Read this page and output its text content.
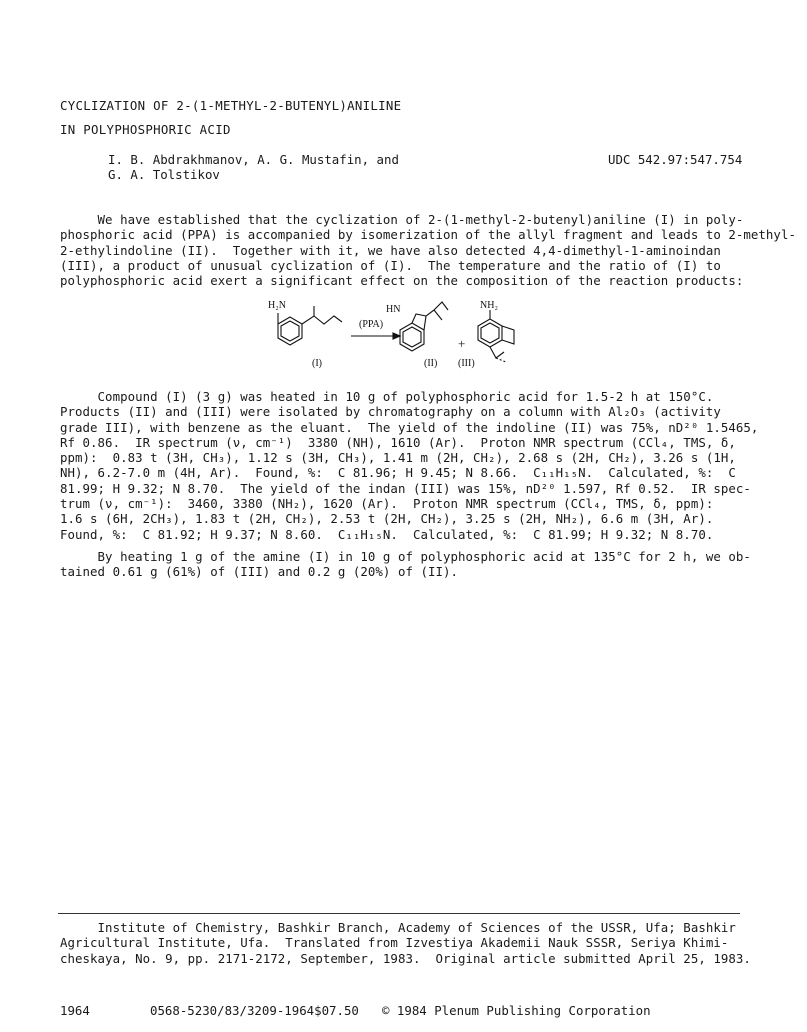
CYCLIZATION OF 2-(1-METHYL-2-BUTENYL)ANILINE
IN POLYPHOSPHORIC ACID
I. B. Abdrakhmanov, A. G. Mustafin, and
G. A. Tolstikov
UDC 542.97:547.754
We have established that the cyclization of 2-(1-methyl-2-butenyl)aniline (I) in poly-
phosphoric acid (PPA) is accompanied by isomerization of the allyl fragment and leads to 2-methyl-
2-ethylindoline (II).  Together with it, we have also detected 4,4-dimethyl-1-aminoindan
(III), a product of unusual cyclization of (I).  The temperature and the ratio of (I) to
polyphosphoric acid exert a significant effect on the composition of the reaction products:
H₂N
(PPA)
(I)
HN
(II)
+
NH₂
(III)
Compound (I) (3 g) was heated in 10 g of polyphosphoric acid for 1.5-2 h at 150°C.
Products (II) and (III) were isolated by chromatography on a column with Al₂O₃ (activity
grade III), with benzene as the eluant.  The yield of the indoline (II) was 75%, nD²⁰ 1.5465,
Rf 0.86.  IR spectrum (ν, cm⁻¹)  3380 (NH), 1610 (Ar).  Proton NMR spectrum (CCl₄, TMS, δ,
ppm):  0.83 t (3H, CH₃), 1.12 s (3H, CH₃), 1.41 m (2H, CH₂), 2.68 s (2H, CH₂), 3.26 s (1H,
NH), 6.2-7.0 m (4H, Ar).  Found, %:  C 81.96; H 9.45; N 8.66.  C₁₁H₁₅N.  Calculated, %:  C
81.99; H 9.32; N 8.70.  The yield of the indan (III) was 15%, nD²⁰ 1.597, Rf 0.52.  IR spec-
trum (ν, cm⁻¹):  3460, 3380 (NH₂), 1620 (Ar).  Proton NMR spectrum (CCl₄, TMS, δ, ppm):
1.6 s (6H, 2CH₃), 1.83 t (2H, CH₂), 2.53 t (2H, CH₂), 3.25 s (2H, NH₂), 6.6 m (3H, Ar).
Found, %:  C 81.92; H 9.37; N 8.60.  C₁₁H₁₅N.  Calculated, %:  C 81.99; H 9.32; N 8.70.
By heating 1 g of the amine (I) in 10 g of polyphosphoric acid at 135°C for 2 h, we ob-
tained 0.61 g (61%) of (III) and 0.2 g (20%) of (II).
Institute of Chemistry, Bashkir Branch, Academy of Sciences of the USSR, Ufa; Bashkir
Agricultural Institute, Ufa.  Translated from Izvestiya Akademii Nauk SSSR, Seriya Khimi-
cheskaya, No. 9, pp. 2171-2172, September, 1983.  Original article submitted April 25, 1983.
1964	0568-5230/83/3209-1964$07.50 © 1984 Plenum Publishing Corporation
